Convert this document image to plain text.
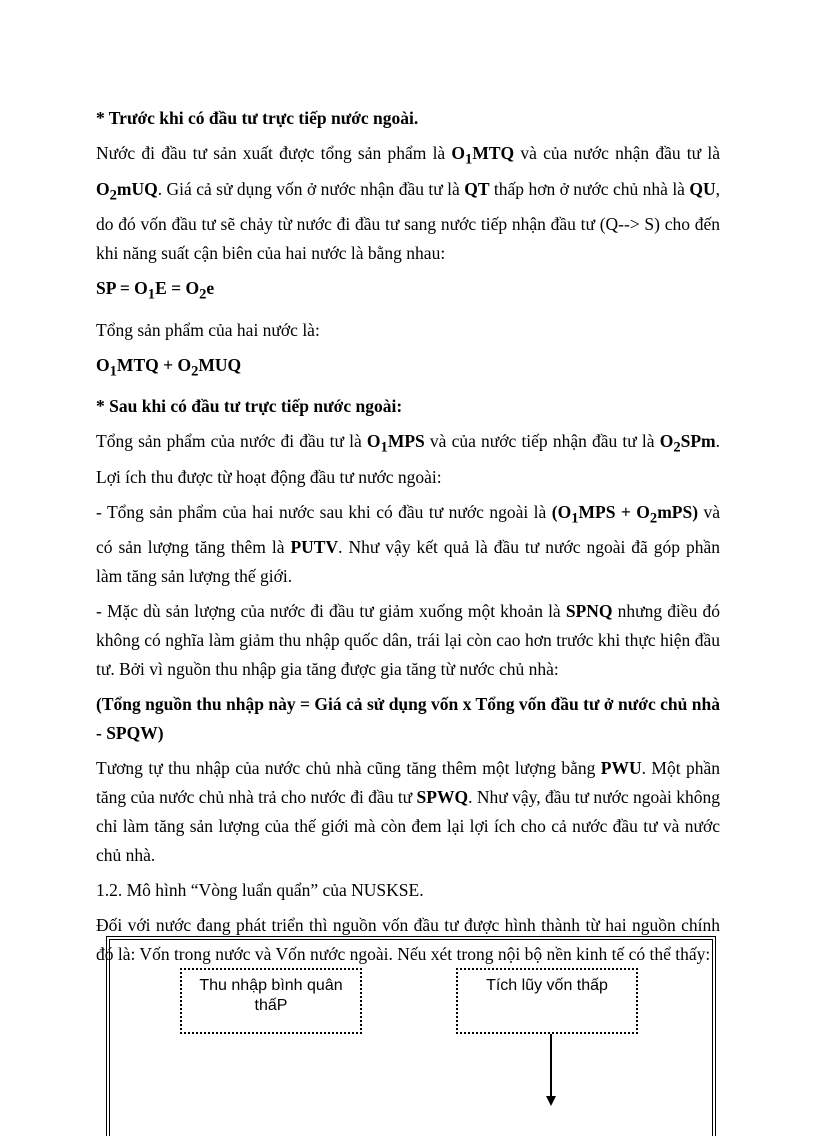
* Trước khi có đầu tư trực tiếp nước ngoài.

Nước đi đầu tư sản xuất được tổng sản phẩm là $O_1MTQ$ và của nước nhận đầu tư là $O_2mUQ$. Giá cả sử dụng vốn ở nước nhận đầu tư là QT thấp hơn ở nước chủ nhà là QU, do đó vốn đầu tư sẽ chảy từ nước đi đầu tư sang nước tiếp nhận đầu tư (Q--> S) cho đến khi năng suất cận biên của hai nước là bằng nhau:

SP = $O_1E = O_2e$

Tổng sản phẩm của hai nước là:

$O_1MTQ + O_2MUQ$

* Sau khi có đầu tư trực tiếp nước ngoài:

Tổng sản phẩm của nước đi đầu tư là $O_1MPS$ và của nước tiếp nhận đầu tư là $O_2SPm$. Lợi ích thu được từ hoạt động đầu tư nước ngoài:

- Tổng sản phẩm của hai nước sau khi có đầu tư nước ngoài là $(O_1MPS + O_2mPS)$ và có sản lượng tăng thêm là PUTV. Như vậy kết quả là đầu tư nước ngoài đã góp phần làm tăng sản lượng thế giới.

- Mặc dù sản lượng của nước đi đầu tư giảm xuống một khoản là SPNQ nhưng điều đó không có nghĩa làm giảm thu nhập quốc dân, trái lại còn cao hơn trước khi thực hiện đầu tư. Bởi vì nguồn thu nhập gia tăng được gia tăng từ nước chủ nhà:

(Tổng nguồn thu nhập này = Giá cả sử dụng vốn x Tổng vốn đầu tư ở nước chủ nhà - SPQW)

Tương tự thu nhập của nước chủ nhà cũng tăng thêm một lượng bằng PWU. Một phần tăng của nước chủ nhà trả cho nước đi đầu tư SPWQ. Như vậy, đầu tư nước ngoài không chỉ làm tăng sản lượng của thế giới mà còn đem lại lợi ích cho cả nước đầu tư và nước chủ nhà.

1.2. Mô hình “Vòng luẩn quẩn” của NUSKSE.

Đối với nước đang phát triển thì nguồn vốn đầu tư được hình thành từ hai nguồn chính đó là: Vốn trong nước và Vốn nước ngoài. Nếu xét trong nội bộ nền kinh tế có thể thấy:

Thu nhập bình quân thấP
Tích lũy vốn thấp
